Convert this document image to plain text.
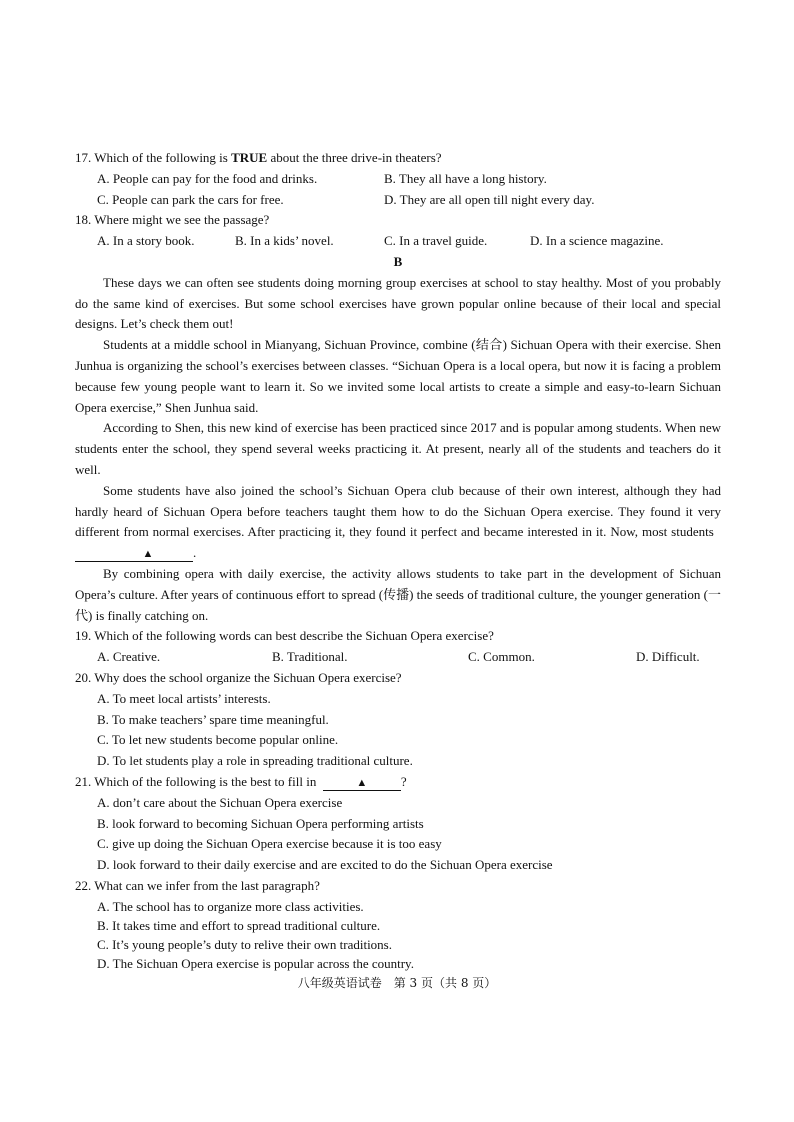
17. Which of the following is TRUE about the three drive-in theaters?
A. People can pay for the food and drinks.	B. They all have a long history.
C. People can park the cars for free.	D. They are all open till night every day.
18. Where might we see the passage?
A. In a story book.	B. In a kids’ novel.	C. In a travel guide.	D. In a science magazine.
B

These days we can often see students doing morning group exercises at school to stay healthy. Most of you probably do the same kind of exercises. But some school exercises have grown popular online because of their local and special designs. Let’s check them out!

Students at a middle school in Mianyang, Sichuan Province, combine (结合) Sichuan Opera with their exercise. Shen Junhua is organizing the school’s exercises between classes. “Sichuan Opera is a local opera, but now it is facing a problem because few young people want to learn it. So we invited some local artists to create a simple and easy-to-learn Sichuan Opera exercise,” Shen Junhua said.

According to Shen, this new kind of exercise has been practiced since 2017 and is popular among students. When new students enter the school, they spend several weeks practicing it. At present, nearly all of the students and teachers do it well.

Some students have also joined the school’s Sichuan Opera club because of their own interest, although they had hardly heard of Sichuan Opera before teachers taught them how to do the Sichuan Opera exercise. They found it very different from normal exercises. After practicing it, they found it perfect and became interested in it. Now, most students  ▲	.

By combining opera with daily exercise, the activity allows students to take part in the development of Sichuan Opera’s culture. After years of continuous effort to spread (传播) the seeds of traditional culture, the younger generation (一代) is finally catching on.

19. Which of the following words can best describe the Sichuan Opera exercise?
A. Creative.	B. Traditional.	C. Common.	D. Difficult.
20. Why does the school organize the Sichuan Opera exercise?
A. To meet local artists’ interests.
B. To make teachers’ spare time meaningful.
C. To let new students become popular online.
D. To let students play a role in spreading traditional culture.
21. Which of the following is the best to fill in	▲	?
A. don’t care about the Sichuan Opera exercise
B. look forward to becoming Sichuan Opera performing artists
C. give up doing the Sichuan Opera exercise because it is too easy
D. look forward to their daily exercise and are excited to do the Sichuan Opera exercise
22. What can we infer from the last paragraph?
A. The school has to organize more class activities.
B. It takes time and effort to spread traditional culture.
C. It’s young people’s duty to relive their own traditions.
D. The Sichuan Opera exercise is popular across the country.
八年级英语试卷　第 3 页（共 8 页）
